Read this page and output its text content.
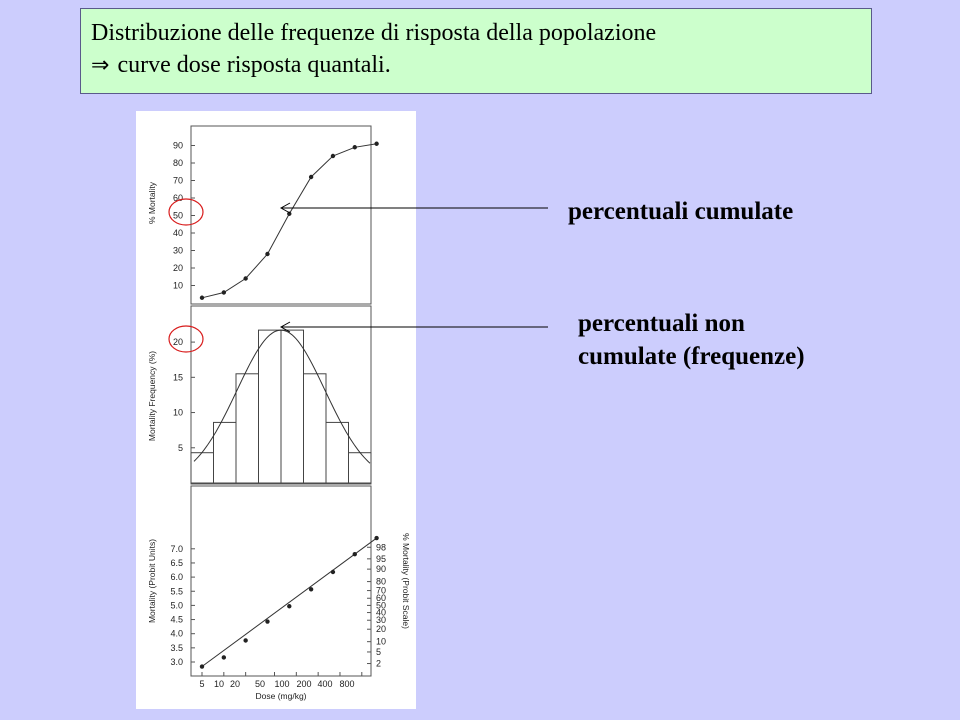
Distribuzione delle frequenze di risposta della popolazione
⇒ curve dose risposta quantali.
% Mortality
Mortality Frequency (%)
Mortality (Probit Units)	% Mortality (Probit Scale)
Dose (mg/kg)
5 10 20 50 100 200 400 800
10
20
30
40
50
60
70
80
90
5
10
15
20
3.0
3.5
4.0
4.5
5.0
5.5
6.0
6.5
7.0
2
5
10
20
30
40
50
60
70
80
90
95
98
percentuali cumulate
percentuali non
cumulate (frequenze)
